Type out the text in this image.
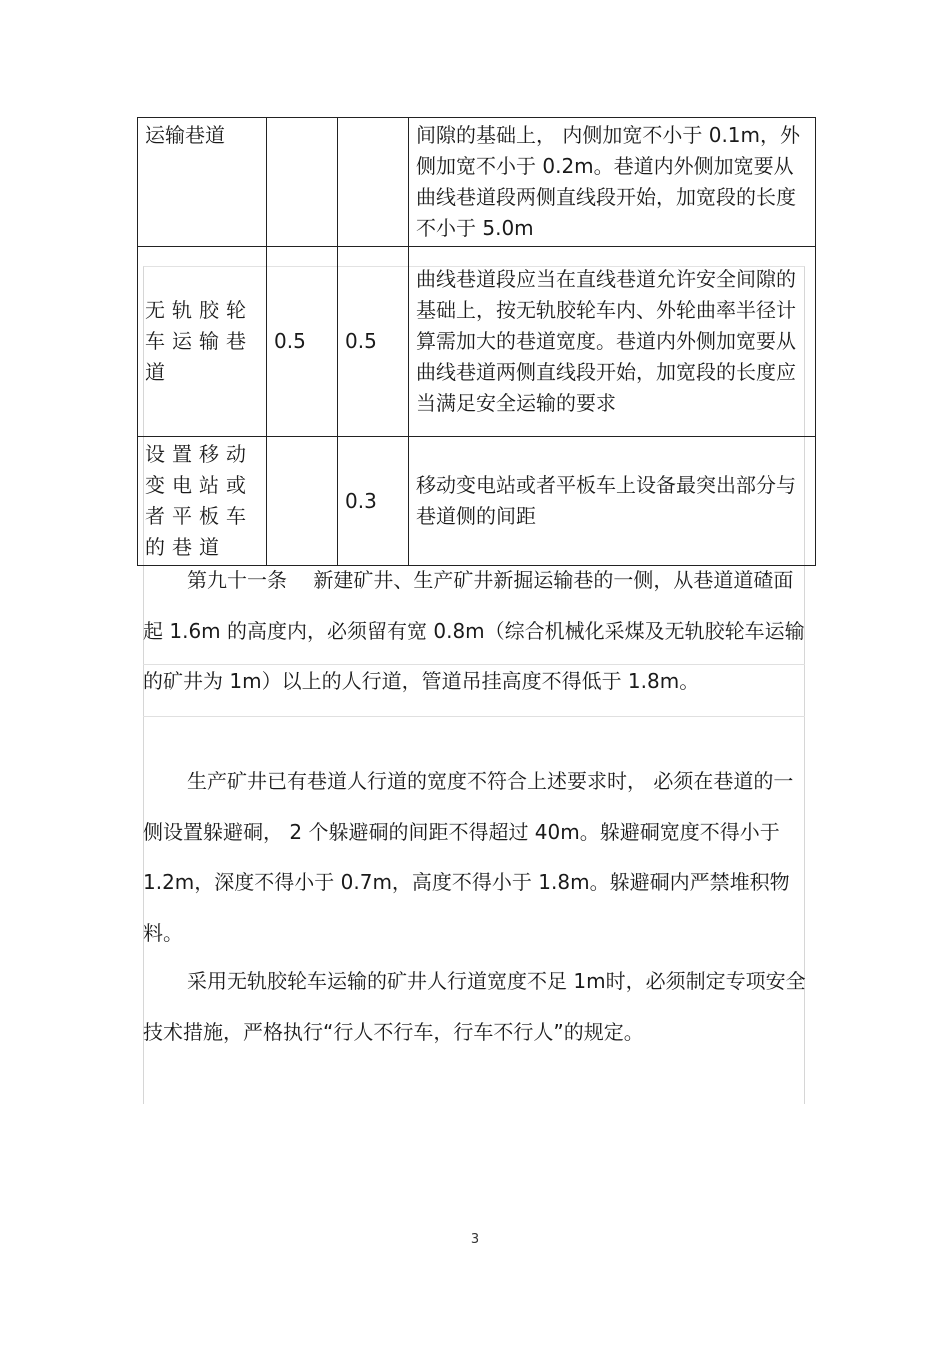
运输巷道			间隙的基础上， 内侧加宽不小于 0.1m，外侧加宽不小于 0.2m。巷道内外侧加宽要从曲线巷道段两侧直线段开始，加宽段的长度不小于 5.0m
无轨胶轮车运输巷道	0.5	0.5	曲线巷道段应当在直线巷道允许安全间隙的基础上，按无轨胶轮车内、外轮曲率半径计算需加大的巷道宽度。巷道内外侧加宽要从曲线巷道两侧直线段开始，加宽段的长度应当满足安全运输的要求
设置移动变电站或者平板车的巷道		0.3	移动变电站或者平板车上设备最突出部分与巷道侧的间距

第九十一条　 新建矿井、生产矿井新掘运输巷的一侧，从巷道道碴面起 1.6m 的高度内，必须留有宽 0.8m（综合机械化采煤及无轨胶轮车运输的矿井为 1m）以上的人行道，管道吊挂高度不得低于 1.8m。

生产矿井已有巷道人行道的宽度不符合上述要求时， 必须在巷道的一侧设置躲避硐， 2 个躲避硐的间距不得超过 40m。躲避硐宽度不得小于 1.2m，深度不得小于 0.7m，高度不得小于 1.8m。躲避硐内严禁堆积物料。

采用无轨胶轮车运输的矿井人行道宽度不足 1m时，必须制定专项安全技术措施，严格执行“行人不行车，行车不行人”的规定。

3
